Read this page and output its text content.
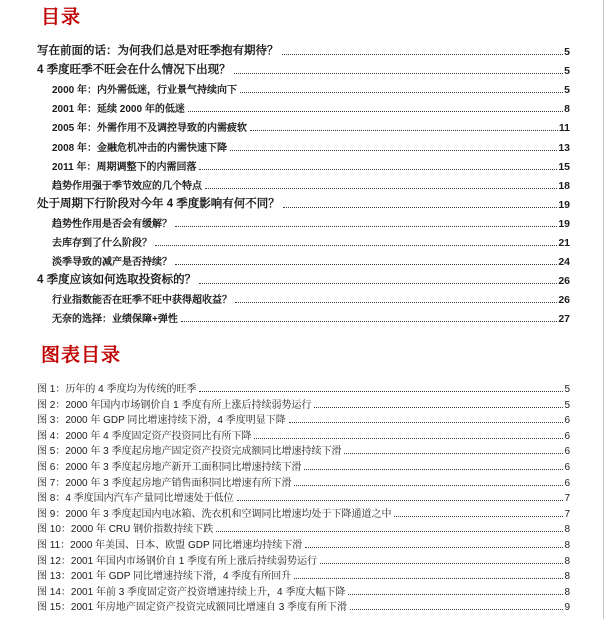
目录
写在前面的话：为何我们总是对旺季抱有期待？	5
4 季度旺季不旺会在什么情况下出现？	5
2000 年：内外需低迷，行业景气持续向下	5
2001 年：延续 2000 年的低迷	8
2005 年：外需作用不及调控导致的内需疲软	11
2008 年：金融危机冲击的内需快速下降	13
2011 年：周期调整下的内需回落	15
趋势作用强于季节效应的几个特点	18
处于周期下行阶段对今年 4 季度影响有何不同？	19
趋势性作用是否会有缓解？	19
去库存到了什么阶段？	21
淡季导致的减产是否持续？	24
4 季度应该如何选取投资标的？	26
行业指数能否在旺季不旺中获得超收益？	26
无奈的选择：业绩保障+弹性	27
图表目录
图 1：历年的 4 季度均为传统的旺季	5
图 2：2000 年国内市场钢价自 1 季度有所上涨后持续弱势运行	5
图 3：2000 年 GDP 同比增速持续下滑，4 季度明显下降	6
图 4：2000 年 4 季度固定资产投资同比有所下降	6
图 5：2000 年 3 季度起房地产固定资产投资完成额同比增速持续下滑	6
图 6：2000 年 3 季度起房地产新开工面积同比增速持续下滑	6
图 7：2000 年 3 季度起房地产销售面积同比增速有所下滑	6
图 8：4 季度国内汽车产量同比增速处于低位	7
图 9：2000 年 3 季度起国内电冰箱、洗衣机和空调同比增速均处于下降通道之中	7
图 10：2000 年 CRU 钢价指数持续下跌	8
图 11：2000 年美国、日本、欧盟 GDP 同比增速均持续下滑	8
图 12：2001 年国内市场钢价自 1 季度有所上涨后持续弱势运行	8
图 13：2001 年 GDP 同比增速持续下滑，4 季度有所回升	8
图 14：2001 年前 3 季度固定资产投资增速持续上升，4 季度大幅下降	8
图 15：2001 年房地产固定资产投资完成额同比增速自 3 季度有所下滑	9
